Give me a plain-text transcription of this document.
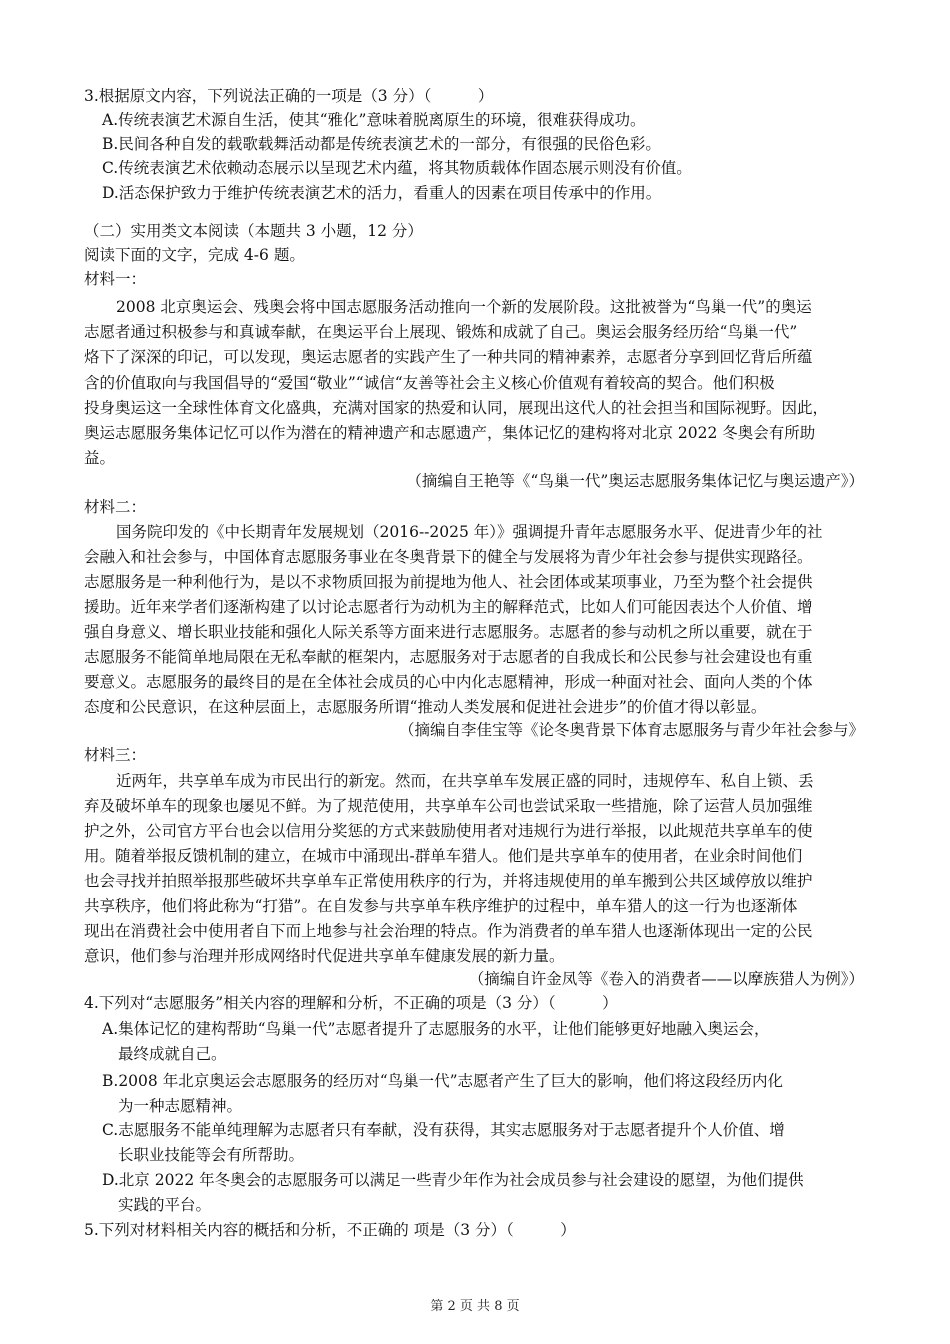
3.根据原文内容，下列说法正确的一项是（3 分）（　　　）
A.传统表演艺术源自生活，使其“雅化”意味着脱离原生的环境，很难获得成功。
B.民间各种自发的载歌载舞活动都是传统表演艺术的一部分，有很强的民俗色彩。
C.传统表演艺术依赖动态展示以呈现艺术内蕴，将其物质载体作固态展示则没有价值。
D.活态保护致力于维护传统表演艺术的活力，看重人的因素在项目传承中的作用。
（二）实用类文本阅读（本题共 3 小题，12 分）
阅读下面的文字，完成 4-6 题。
材料一：
2008 北京奥运会、残奥会将中国志愿服务活动推向一个新的发展阶段。这批被誉为“鸟巢一代”的奥运
志愿者通过积极参与和真诚奉献，在奥运平台上展现、锻炼和成就了自己。奥运会服务经历给“鸟巢一代”
烙下了深深的印记，可以发现，奥运志愿者的实践产生了一种共同的精神素养，志愿者分享到回忆背后所蕴
含的价值取向与我国倡导的“爱国“敬业”“诚信“友善等社会主义核心价值观有着较高的契合。他们积极
投身奥运这一全球性体育文化盛典，充满对国家的热爱和认同，展现出这代人的社会担当和国际视野。因此，
奥运志愿服务集体记忆可以作为潜在的精神遗产和志愿遗产，集体记忆的建构将对北京 2022 冬奥会有所助
益。
（摘编自王艳等《“鸟巢一代”奥运志愿服务集体记忆与奥运遗产》）
材料二：
国务院印发的《中长期青年发展规划（2016--2025 年）》强调提升青年志愿服务水平、促进青少年的社
会融入和社会参与，中国体育志愿服务事业在冬奥背景下的健全与发展将为青少年社会参与提供实现路径。
志愿服务是一种利他行为，是以不求物质回报为前提地为他人、社会团体或某项事业，乃至为整个社会提供
援助。近年来学者们逐渐构建了以讨论志愿者行为动机为主的解释范式，比如人们可能因表达个人价值、增
强自身意义、增长职业技能和强化人际关系等方面来进行志愿服务。志愿者的参与动机之所以重要，就在于
志愿服务不能简单地局限在无私奉献的框架内，志愿服务对于志愿者的自我成长和公民参与社会建设也有重
要意义。志愿服务的最终目的是在全体社会成员的心中内化志愿精神，形成一种面对社会、面向人类的个体
态度和公民意识，在这种层面上，志愿服务所谓“推动人类发展和促进社会进步”的价值才得以彰显。
（摘编自李佳宝等《论冬奥背景下体育志愿服务与青少年社会参与》
材料三：
近两年，共享单车成为市民出行的新宠。然而，在共享单车发展正盛的同时，违规停车、私自上锁、丢
弃及破坏单车的现象也屡见不鲜。为了规范使用，共享单车公司也尝试采取一些措施，除了运营人员加强维
护之外，公司官方平台也会以信用分奖惩的方式来鼓励使用者对违规行为进行举报，以此规范共享单车的使
用。随着举报反馈机制的建立，在城市中涌现出-群单车猎人。他们是共享单车的使用者，在业余时间他们
也会寻找并拍照举报那些破坏共享单车正常使用秩序的行为，并将违规使用的单车搬到公共区域停放以维护
共享秩序，他们将此称为“打猎”。在自发参与共享单车秩序维护的过程中，单车猎人的这一行为也逐渐体
现出在消费社会中使用者自下而上地参与社会治理的特点。作为消费者的单车猎人也逐渐体现出一定的公民
意识，他们参与治理并形成网络时代促进共享单车健康发展的新力量。
（摘编自许金凤等《卷入的消费者——以摩族猎人为例》）
4.下列对“志愿服务”相关内容的理解和分析，不正确的项是（3 分）（　　　）
A.集体记忆的建构帮助“鸟巢一代”志愿者提升了志愿服务的水平，让他们能够更好地融入奥运会，
最终成就自己。
B.2008 年北京奥运会志愿服务的经历对“鸟巢一代”志愿者产生了巨大的影响，他们将这段经历内化
为一种志愿精神。
C.志愿服务不能单纯理解为志愿者只有奉献，没有获得，其实志愿服务对于志愿者提升个人价值、增
长职业技能等会有所帮助。
D.北京 2022 年冬奥会的志愿服务可以满足一些青少年作为社会成员参与社会建设的愿望，为他们提供
实践的平台。
5.下列对材料相关内容的概括和分析，不正确的 项是（3 分）（　　　）
第 2 页 共 8 页
